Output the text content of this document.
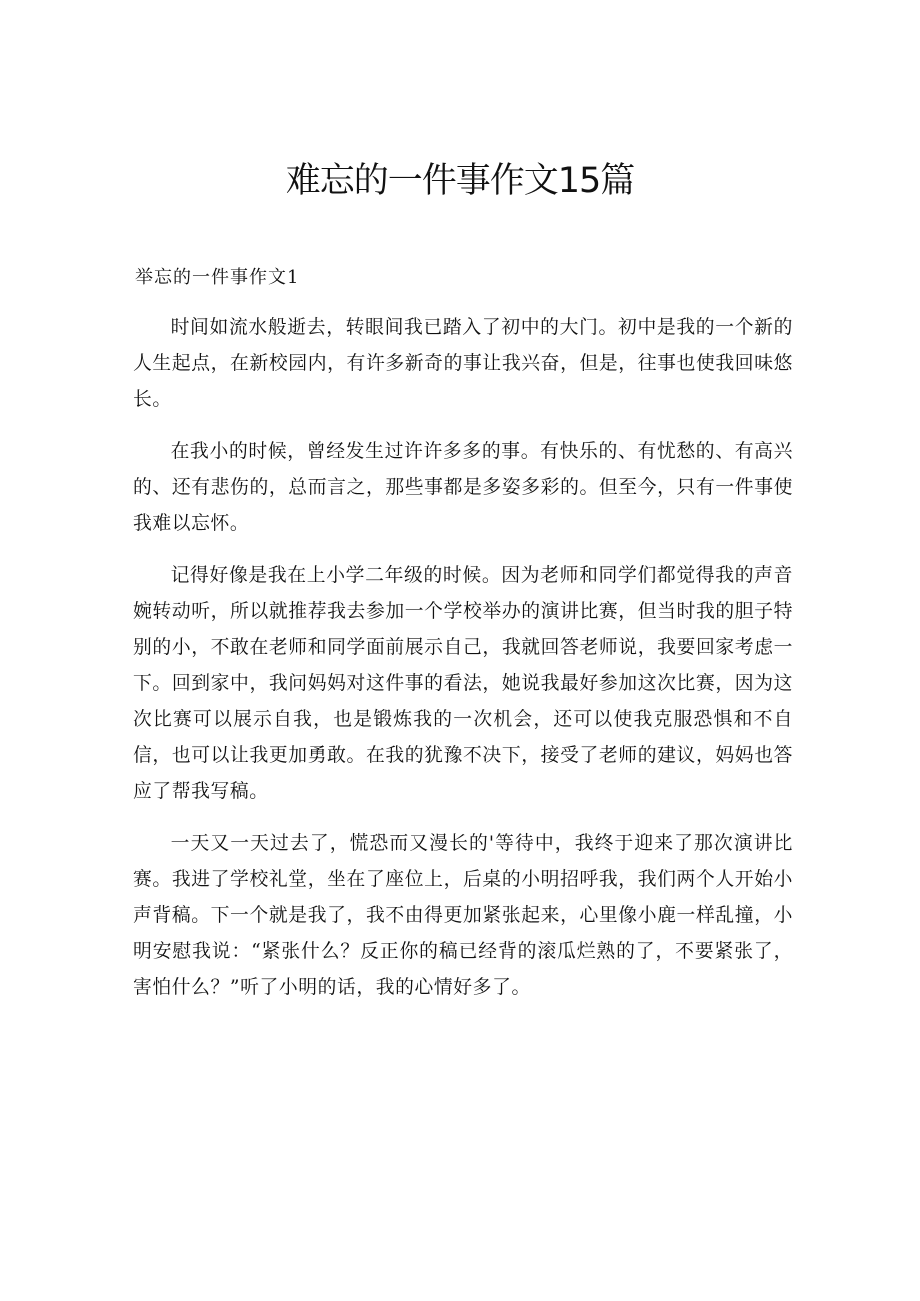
难忘的一件事作文15篇
举忘的一件事作文1

时间如流水般逝去，转眼间我已踏入了初中的大门。初中是我的一个新的人生起点，在新校园内，有许多新奇的事让我兴奋，但是，往事也使我回味悠长。

在我小的时候，曾经发生过许许多多的事。有快乐的、有忧愁的、有高兴的、还有悲伤的，总而言之，那些事都是多姿多彩的。但至今，只有一件事使我难以忘怀。

记得好像是我在上小学二年级的时候。因为老师和同学们都觉得我的声音婉转动听，所以就推荐我去参加一个学校举办的演讲比赛，但当时我的胆子特别的小，不敢在老师和同学面前展示自己，我就回答老师说，我要回家考虑一下。回到家中，我问妈妈对这件事的看法，她说我最好参加这次比赛，因为这次比赛可以展示自我，也是锻炼我的一次机会，还可以使我克服恐惧和不自信，也可以让我更加勇敢。在我的犹豫不决下，接受了老师的建议，妈妈也答应了帮我写稿。

一天又一天过去了，慌恐而又漫长的'等待中，我终于迎来了那次演讲比赛。我进了学校礼堂，坐在了座位上，后桌的小明招呼我，我们两个人开始小声背稿。下一个就是我了，我不由得更加紧张起来，心里像小鹿一样乱撞，小明安慰我说：“紧张什么？反正你的稿已经背的滚瓜烂熟的了，不要紧张了，害怕什么？”听了小明的话，我的心情好多了。
